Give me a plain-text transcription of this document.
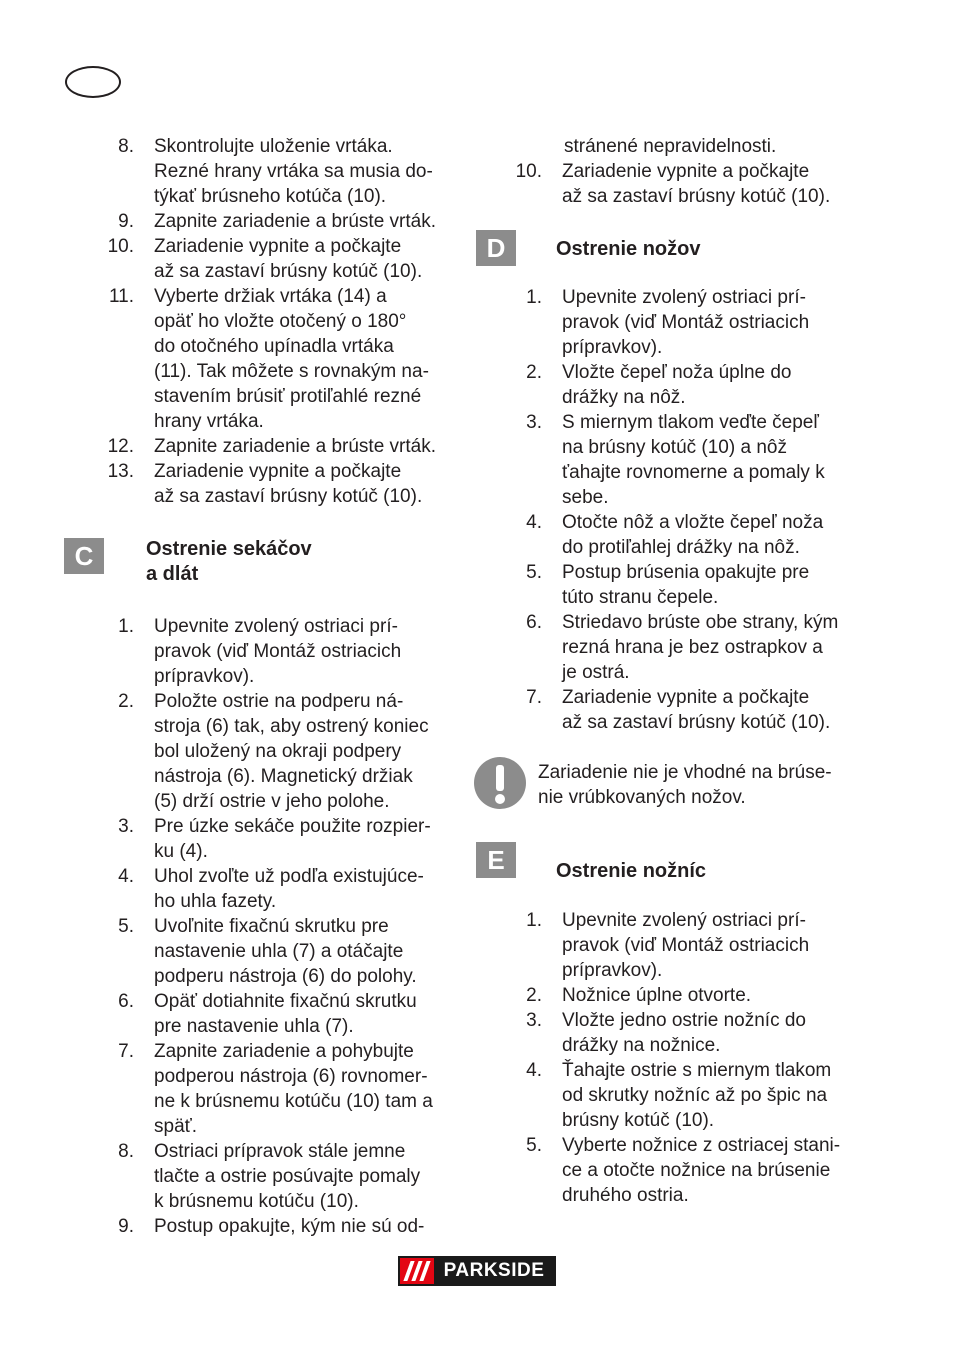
8. Skontrolujte uloženie vrtáka.
Rezné hrany vrtáka sa musia do-
týkať brúsneho kotúča (10).
9. Zapnite zariadenie a brúste vrták.
10. Zariadenie vypnite a počkajte
až sa zastaví brúsny kotúč (10).
11. Vyberte držiak vrtáka (14) a
opäť ho vložte otočený o 180°
do otočného upínadla vrtáka
(11). Tak môžete s rovnakým na-
stavením brúsiť protiľahlé rezné
hrany vrtáka.
12. Zapnite zariadenie a brúste vrták.
13. Zariadenie vypnite a počkajte
až sa zastaví brúsny kotúč (10).
C	Ostrenie sekáčov
a dlát
1. Upevnite zvolený ostriaci prí-
pravok (viď Montáž ostriacich
prípravkov).
2. Položte ostrie na podperu ná-
stroja (6) tak, aby ostrený koniec
bol uložený na okraji podpery
nástroja (6). Magnetický držiak
(5) drží ostrie v jeho polohe.
3. Pre úzke sekáče použite rozpier-
ku (4).
4. Uhol zvoľte už podľa existujúce-
ho uhla fazety.
5. Uvoľnite fixačnú skrutku pre
nastavenie uhla (7) a otáčajte
podperu nástroja (6) do polohy.
6. Opäť dotiahnite fixačnú skrutku
pre nastavenie uhla (7).
7. Zapnite zariadenie a pohybujte
podperou nástroja (6) rovnomer-
ne k brúsnemu kotúču (10) tam a
späť.
8. Ostriaci prípravok stále jemne
tlačte a ostrie posúvajte pomaly
k brúsnemu kotúču (10).
9. Postup opakujte, kým nie sú od-
stránené nepravidelnosti.
10. Zariadenie vypnite a počkajte
až sa zastaví brúsny kotúč (10).
D	Ostrenie nožov
1. Upevnite zvolený ostriaci prí-
pravok (viď Montáž ostriacich
prípravkov).
2. Vložte čepeľ noža úplne do
drážky na nôž.
3. S miernym tlakom veďte čepeľ
na brúsny kotúč (10) a nôž
ťahajte rovnomerne a pomaly k
sebe.
4. Otočte nôž a vložte čepeľ noža
do protiľahlej drážky na nôž.
5. Postup brúsenia opakujte pre
túto stranu čepele.
6. Striedavo brúste obe strany, kým
rezná hrana je bez ostrapkov a
je ostrá.
7. Zariadenie vypnite a počkajte
až sa zastaví brúsny kotúč (10).
Zariadenie nie je vhodné na brúse-
nie vrúbkovaných nožov.
E	Ostrenie nožníc
1. Upevnite zvolený ostriaci prí-
pravok (viď Montáž ostriacich
prípravkov).
2. Nožnice úplne otvorte.
3. Vložte jedno ostrie nožníc do
drážky na nožnice.
4. Ťahajte ostrie s miernym tlakom
od skrutky nožníc až po špic na
brúsny kotúč (10).
5. Vyberte nožnice z ostriacej stani-
ce a otočte nožnice na brúsenie
druhého ostria.
PARKSIDE
